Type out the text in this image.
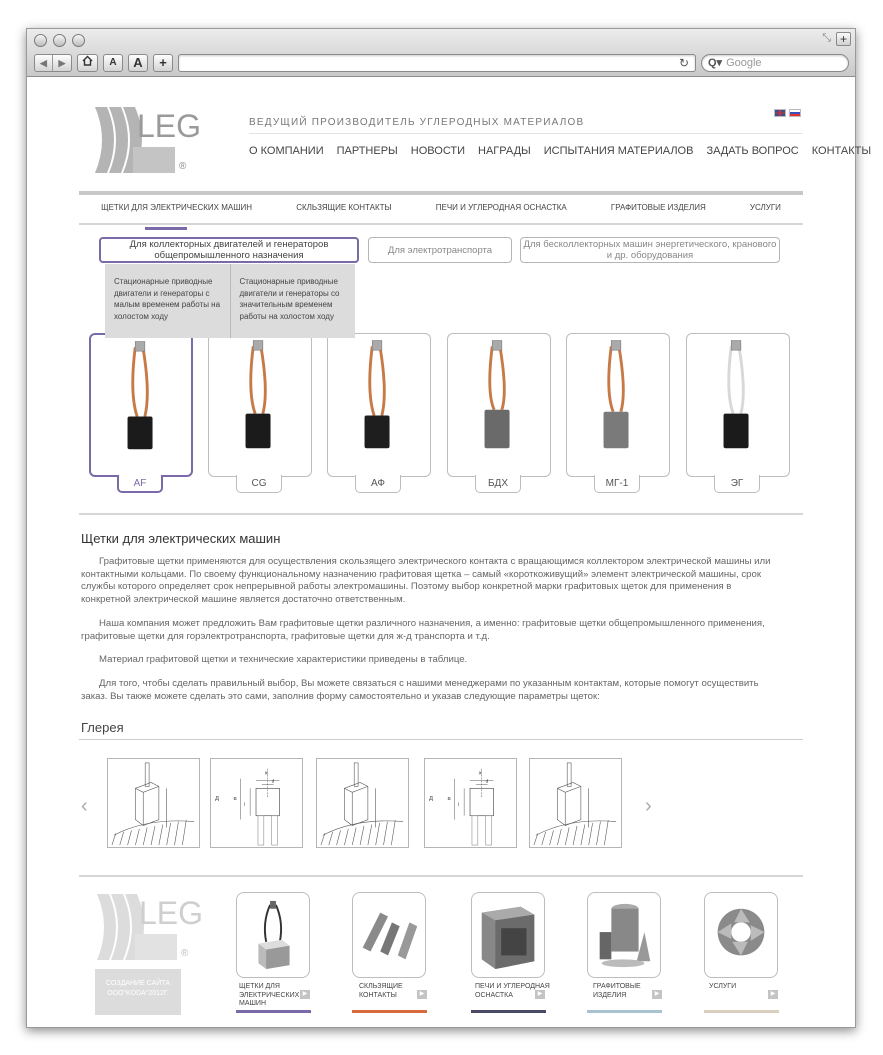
⤡ +
◀	▶	A	A	+	↻	Q▾ Google
LEG
®
ВЕДУЩИЙ ПРОИЗВОДИТЕЛЬ УГЛЕРОДНЫХ МАТЕРИАЛОВ
О КОМПАНИИ ПАРТНЕРЫ НОВОСТИ НАГРАДЫ ИСПЫТАНИЯ МАТЕРИАЛОВ ЗАДАТЬ ВОПРОС КОНТАКТЫ
ЩЕТКИ ДЛЯ ЭЛЕКТРИЧЕСКИХ МАШИН	СКЛЬЗЯЩИЕ КОНТАКТЫ	ПЕЧИ И УГЛЕРОДНАЯ ОСНАСТКА	ГРАФИТОВЫЕ ИЗДЕЛИЯ	УСЛУГИ
Для коллекторных двигателей и генераторов общепромышленного назначения	Для электротранспорта	Для бесколлекторных машин энергетического, кранового и др. оборудования
AF	CG	АФ	БДХ	МГ-1	ЭГ
Стационарные приводные двигатели и генераторы с малым временем работы на холостом ходу
Стационарные приводные двигатели и генераторы со значительным временем работы на холостом ходу
Щетки для электрических машин

Графитовые щетки применяются для осуществления скользящего электрического контакта с вращающимся коллектором электрической машины или контактными кольцами. По своему функциональному назначению графитовая щетка – самый «короткоживущий» элемент электрической машины, срок службы которого определяет срок непрерывной работы электромашины. Поэтому выбор конкретной марки графитовых щеток для применения в конкретной электрической машине является достаточно ответственным.

Наша компания может предложить Вам графитовые щетки различного назначения, а именно: графитовые щетки общепромышленного применения, графитовые щетки для горэлектротранспорта, графитовые щетки для ж-д транспорта и т.д.

Материал графитовой щетки и технические характеристики приведены в таблице.

Для того, чтобы сделать правильный выбор, Вы можете связаться с нашими менеджерами по указанным контактам, которые помогут осуществить заказ. Вы также можете сделать это сами, заполнив форму самостоятельно и указав следующие параметры щеток:

Глерея
‹	›
x
d
Д	В
l
x
d
Д	В
l
LEG
®
СОЗДАНИЕ САЙТА ООО"KODA"2012Г.
ЩЕТКИ ДЛЯ ЭЛЕКТРИЧЕСКИХ МАШИН
СКЛЬЗЯЩИЕ КОНТАКТЫ
ПЕЧИ И УГЛЕРОДНАЯ ОСНАСТКА
ГРАФИТОВЫЕ ИЗДЕЛИЯ
УСЛУГИ
▶	▶	▶	▶	▶
